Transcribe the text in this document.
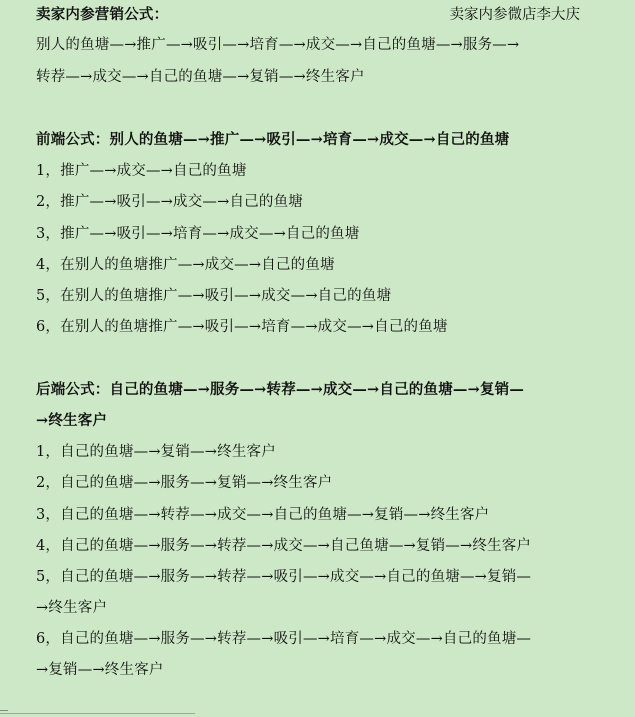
卖家内参营销公式：	卖家内参微店李大庆
别人的鱼塘—→推广—→吸引—→培育—→成交—→自己的鱼塘—→服务—→
转荐—→成交—→自己的鱼塘—→复销—→终生客户
前端公式：别人的鱼塘—→推广—→吸引—→培育—→成交—→自己的鱼塘
1，推广—→成交—→自己的鱼塘
2，推广—→吸引—→成交—→自己的鱼塘
3，推广—→吸引—→培育—→成交—→自己的鱼塘
4，在别人的鱼塘推广—→成交—→自己的鱼塘
5，在别人的鱼塘推广—→吸引—→成交—→自己的鱼塘
6，在别人的鱼塘推广—→吸引—→培育—→成交—→自己的鱼塘
后端公式：自己的鱼塘—→服务—→转荐—→成交—→自己的鱼塘—→复销—
→终生客户
1，自己的鱼塘—→复销—→终生客户
2，自己的鱼塘—→服务—→复销—→终生客户
3，自己的鱼塘—→转荐—→成交—→自己的鱼塘—→复销—→终生客户
4，自己的鱼塘—→服务—→转荐—→成交—→自己鱼塘—→复销—→终生客户
5，自己的鱼塘—→服务—→转荐—→吸引—→成交—→自己的鱼塘—→复销—
→终生客户
6，自己的鱼塘—→服务—→转荐—→吸引—→培育—→成交—→自己的鱼塘—
→复销—→终生客户
